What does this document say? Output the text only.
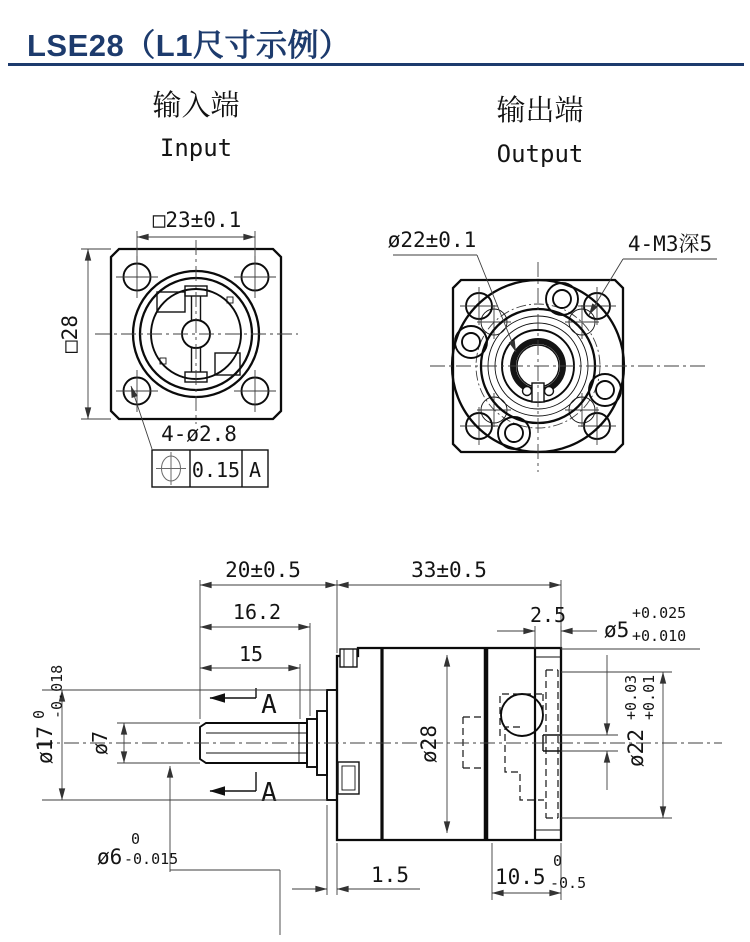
LSE28（L1尺寸示例）
输入端
Input
输出端
Output
□23±0.1
□28
4-ø2.8
0.15 A
ø22±0.1	4-M3深5
20±0.5	33±0.5
16.2
15
A
A
ø7
ø17
0 -0.018
ø6
0
-0.015
ø28
2.5
ø5
+0.025
+0.010
ø22
+0.03 +0.01
1.5	10.5
0
-0.5
